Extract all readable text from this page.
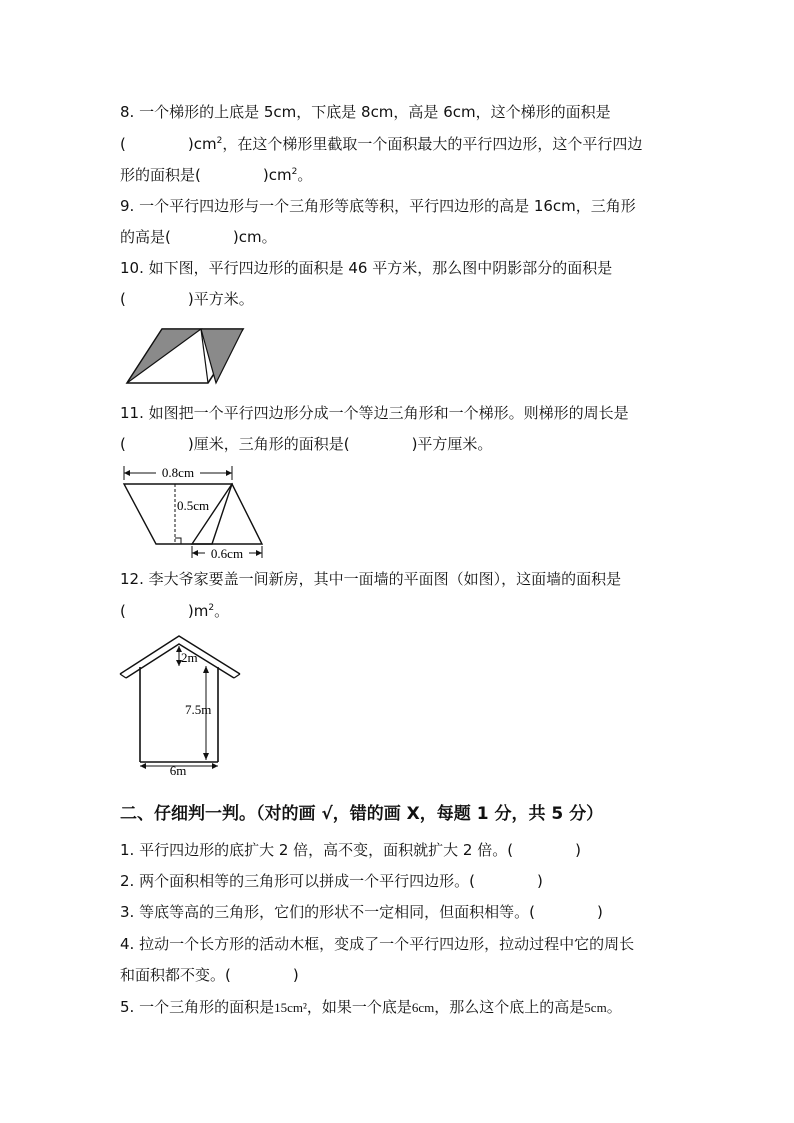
8. 一个梯形的上底是 5cm，下底是 8cm，高是 6cm，这个梯形的面积是
(	)$cm^2$，在这个梯形里截取一个面积最大的平行四边形，这个平行四边
形的面积是(	)$cm^2$。
9. 一个平行四边形与一个三角形等底等积，平行四边形的高是 16cm，三角形
的高是(	)cm。
10. 如下图，平行四边形的面积是 46 平方米，那么图中阴影部分的面积是
(	)平方米。
11. 如图把一个平行四边形分成一个等边三角形和一个梯形。则梯形的周长是
(	)厘米，三角形的面积是(	)平方厘米。
0.8cm
0.5cm
0.6cm
12. 李大爷家要盖一间新房，其中一面墙的平面图（如图），这面墙的面积是
(	)$m^2$。
2m
7.5m
6m
二、仔细判一判。（对的画 √，错的画 X，每题 1 分，共 5 分）
1. 平行四边形的底扩大 2 倍，高不变，面积就扩大 2 倍。(	)
2. 两个面积相等的三角形可以拼成一个平行四边形。(	)
3. 等底等高的三角形，它们的形状不一定相同，但面积相等。(	)
4. 拉动一个长方形的活动木框，变成了一个平行四边形，拉动过程中它的周长
和面积都不变。(	)
5. 一个三角形的面积是15cm²，如果一个底是6cm，那么这个底上的高是5cm。
